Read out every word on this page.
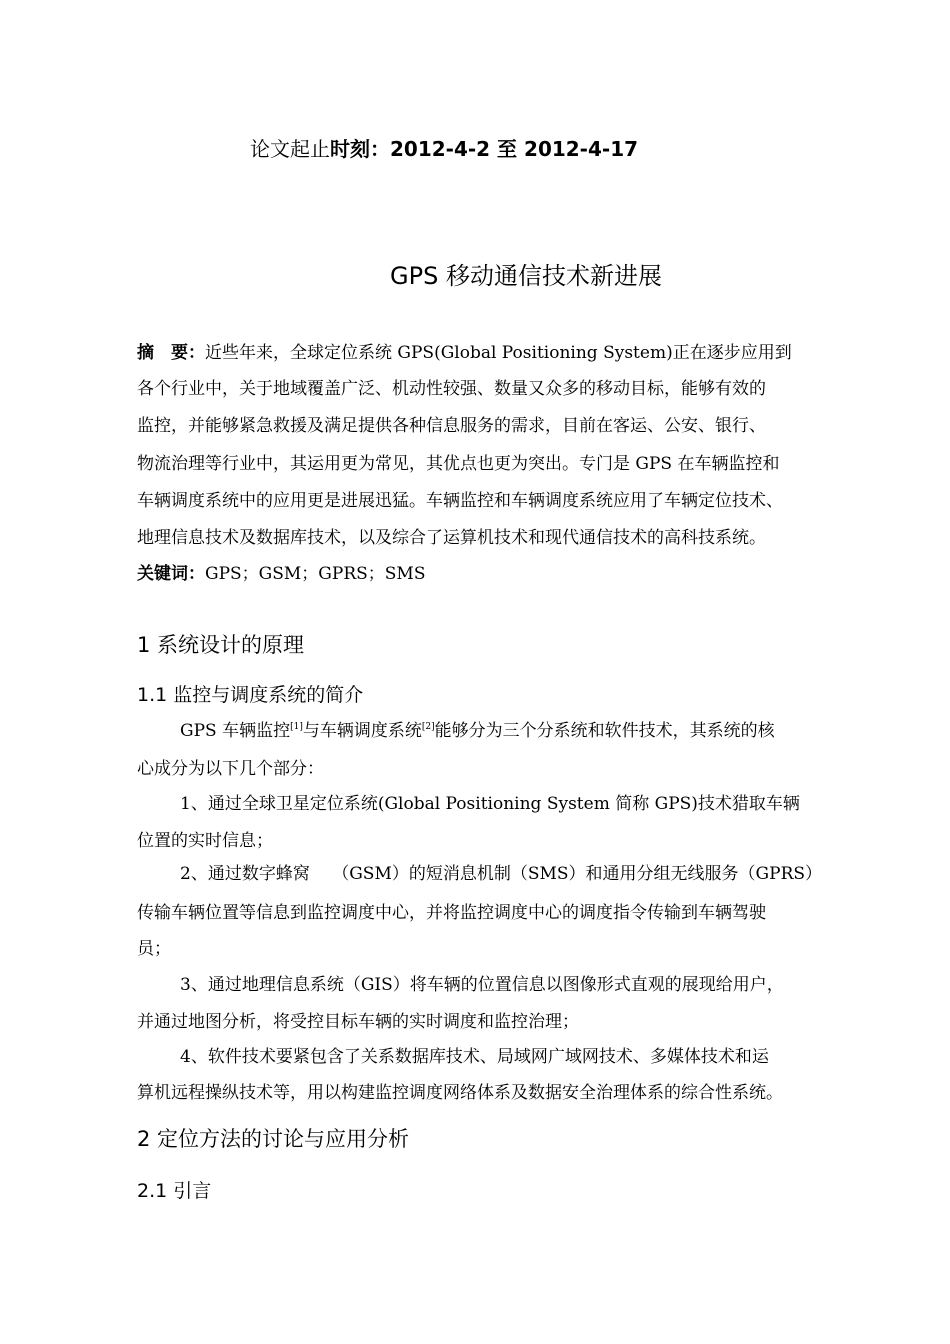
论文起止时刻：2012-4-2 至 2012-4-17
GPS 移动通信技术新进展
摘　要：近些年来，全球定位系统 GPS(Global Positioning System)正在逐步应用到
各个行业中，关于地域覆盖广泛、机动性较强、数量又众多的移动目标，能够有效的
监控，并能够紧急救援及满足提供各种信息服务的需求，目前在客运、公安、银行、
物流治理等行业中，其运用更为常见，其优点也更为突出。专门是 GPS 在车辆监控和
车辆调度系统中的应用更是进展迅猛。车辆监控和车辆调度系统应用了车辆定位技术、
地理信息技术及数据库技术，以及综合了运算机技术和现代通信技术的高科技系统。
关键词：GPS；GSM；GPRS；SMS
1 系统设计的原理
1.1 监控与调度系统的简介
GPS 车辆监控[1]与车辆调度系统[2]能够分为三个分系统和软件技术，其系统的核
心成分为以下几个部分：
1、通过全球卫星定位系统(Global Positioning System 简称 GPS)技术猎取车辆
位置的实时信息；
2、通过数字蜂窝　 （GSM）的短消息机制（SMS）和通用分组无线服务（GPRS）
传输车辆位置等信息到监控调度中心，并将监控调度中心的调度指令传输到车辆驾驶
员；
3、通过地理信息系统（GIS）将车辆的位置信息以图像形式直观的展现给用户，
并通过地图分析，将受控目标车辆的实时调度和监控治理；
4、软件技术要紧包含了关系数据库技术、局域网广域网技术、多媒体技术和运
算机远程操纵技术等，用以构建监控调度网络体系及数据安全治理体系的综合性系统。
2 定位方法的讨论与应用分析
2.1 引言
